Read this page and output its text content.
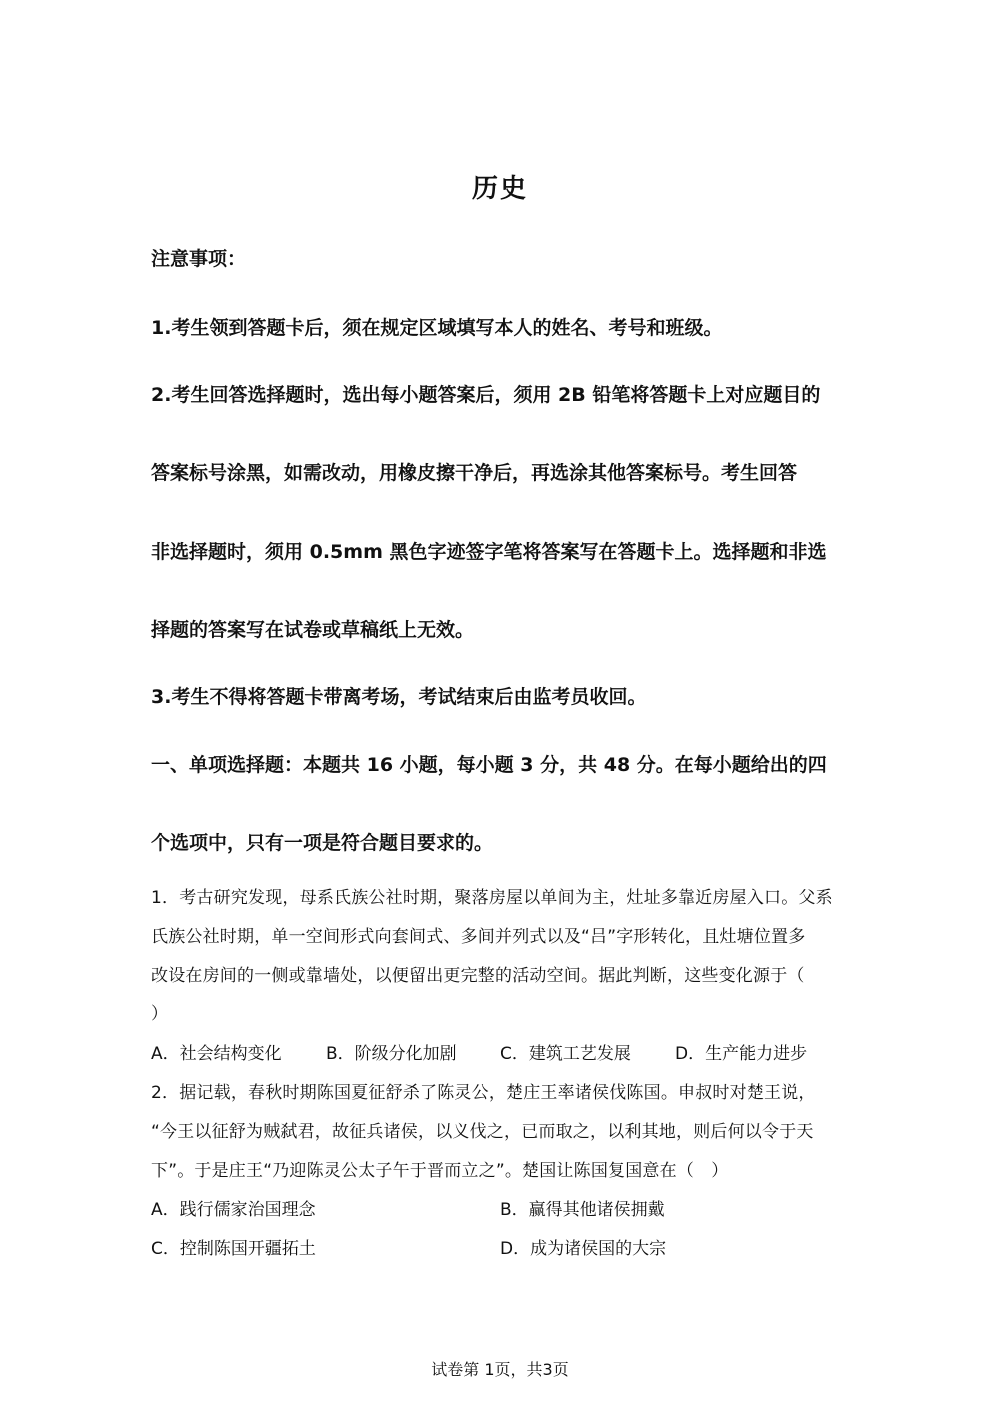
历史
注意事项：
1.考生领到答题卡后，须在规定区域填写本人的姓名、考号和班级。
2.考生回答选择题时，选出每小题答案后，须用 2B 铅笔将答题卡上对应题目的
答案标号涂黑，如需改动，用橡皮擦干净后，再选涂其他答案标号。考生回答
非选择题时，须用 0.5mm 黑色字迹签字笔将答案写在答题卡上。选择题和非选
择题的答案写在试卷或草稿纸上无效。
3.考生不得将答题卡带离考场，考试结束后由监考员收回。
一、单项选择题：本题共 16 小题，每小题 3 分，共 48 分。在每小题给出的四
个选项中，只有一项是符合题目要求的。
1．考古研究发现，母系氏族公社时期，聚落房屋以单间为主，灶址多靠近房屋入口。父系
氏族公社时期，单一空间形式向套间式、多间并列式以及“吕”字形转化，且灶塘位置多
改设在房间的一侧或靠墙处，以便留出更完整的活动空间。据此判断，这些变化源于（
）
A．社会结构变化	B．阶级分化加剧	C．建筑工艺发展	D．生产能力进步
2．据记载，春秋时期陈国夏征舒杀了陈灵公，楚庄王率诸侯伐陈国。申叔时对楚王说，
“今王以征舒为贼弑君，故征兵诸侯，以义伐之，已而取之，以利其地，则后何以令于天
下”。于是庄王“乃迎陈灵公太子午于晋而立之”。楚国让陈国复国意在（　）
A．践行儒家治国理念	B．赢得其他诸侯拥戴
C．控制陈国开疆拓土	D．成为诸侯国的大宗
试卷第 1页，共3页
